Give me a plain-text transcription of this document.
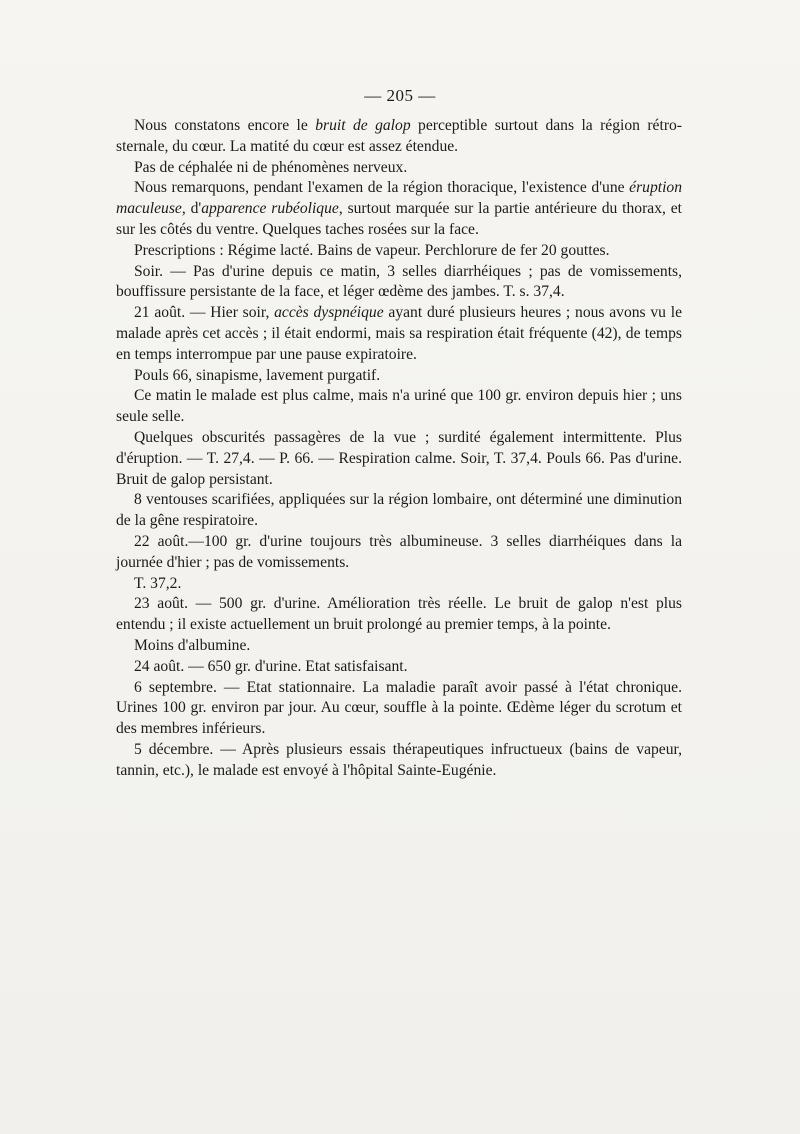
— 205 —

Nous constatons encore le bruit de galop perceptible surtout dans la région rétro-sternale, du cœur. La matité du cœur est assez étendue.

Pas de céphalée ni de phénomènes nerveux.

Nous remarquons, pendant l'examen de la région thoracique, l'existence d'une éruption maculeuse, d'apparence rubéolique, surtout marquée sur la partie antérieure du thorax, et sur les côtés du ventre. Quelques taches rosées sur la face.

Prescriptions : Régime lacté. Bains de vapeur. Perchlorure de fer 20 gouttes.

Soir. — Pas d'urine depuis ce matin, 3 selles diarrhéiques ; pas de vomissements, bouffissure persistante de la face, et léger œdème des jambes. T. s. 37,4.

21 août. — Hier soir, accès dyspnéique ayant duré plusieurs heures ; nous avons vu le malade après cet accès ; il était endormi, mais sa respiration était fréquente (42), de temps en temps interrompue par une pause expiratoire.

Pouls 66, sinapisme, lavement purgatif.

Ce matin le malade est plus calme, mais n'a uriné que 100 gr. environ depuis hier ; uns seule selle.

Quelques obscurités passagères de la vue ; surdité également intermittente. Plus d'éruption. — T. 27,4. — P. 66. — Respiration calme. Soir, T. 37,4. Pouls 66. Pas d'urine. Bruit de galop persistant.

8 ventouses scarifiées, appliquées sur la région lombaire, ont déterminé une diminution de la gêne respiratoire.

22 août.—100 gr. d'urine toujours très albumineuse. 3 selles diarrhéiques dans la journée d'hier ; pas de vomissements.

T. 37,2.

23 août. — 500 gr. d'urine. Amélioration très réelle. Le bruit de galop n'est plus entendu ; il existe actuellement un bruit prolongé au premier temps, à la pointe.

Moins d'albumine.

24 août. — 650 gr. d'urine. Etat satisfaisant.

6 septembre. — Etat stationnaire. La maladie paraît avoir passé à l'état chronique. Urines 100 gr. environ par jour. Au cœur, souffle à la pointe. Œdème léger du scrotum et des membres inférieurs.

5 décembre. — Après plusieurs essais thérapeutiques infructueux (bains de vapeur, tannin, etc.), le malade est envoyé à l'hôpital Sainte-Eugénie.
